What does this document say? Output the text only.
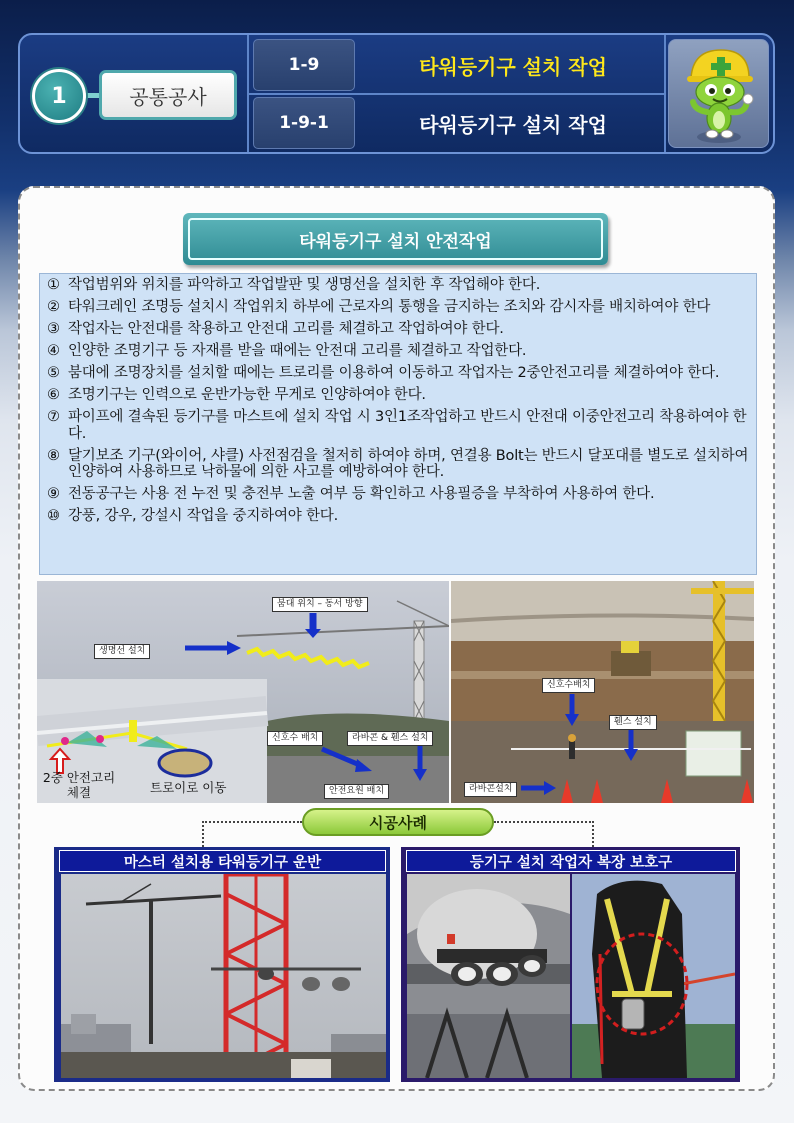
1	공통공사
1-9	타워등기구 설치 작업
1-9-1	타워등기구 설치 작업
타워등기구 설치 안전작업
① 작업범위와 위치를 파악하고 작업발판 및 생명선을 설치한 후 작업해야 한다.
② 타워크레인 조명등 설치시 작업위치 하부에 근로자의 통행을 금지하는 조치와 감시자를 배치하여야 한다
③ 작업자는 안전대를 착용하고 안전대 고리를 체결하고 작업하여야 한다.
④ 인양한 조명기구 등 자재를 받을 때에는 안전대 고리를 체결하고 작업한다.
⑤ 붐대에 조명장치를 설치할 때에는 트로리를 이용하여 이동하고 작업자는 2중안전고리를 체결하여야 한다.
⑥ 조명기구는 인력으로 운반가능한 무게로 인양하여야 한다.
⑦ 파이프에 결속된 등기구를 마스트에 설치 작업 시 3인1조작업하고 반드시 안전대 이중안전고리 착용하여야 한다.
⑧ 달기보조 기구(와이어, 샤클) 사전점검을 철저히 하여야 하며, 연결용 Bolt는 반드시 달포대를 별도로 설치하여 인양하여 사용하므로 낙하물에 의한 사고를 예방하여야 한다.
⑨ 전동공구는 사용 전 누전 및 충전부 노출 여부 등 확인하고 사용필증을 부착하여 사용하여 한다.
⑩ 강풍, 강우, 강설시 작업을 중지하여야 한다.
붐대 위치 – 동서 방향
생명선 설치
신호수 배치	라바콘 & 휀스 설치
안전요원 배치
2중 안전고리
체결	트로이로 이동
신호수배치
휀스 설치
라바콘설치
시공사례
마스터 설치용 타워등기구 운반	등기구 설치 작업자 복장 보호구
